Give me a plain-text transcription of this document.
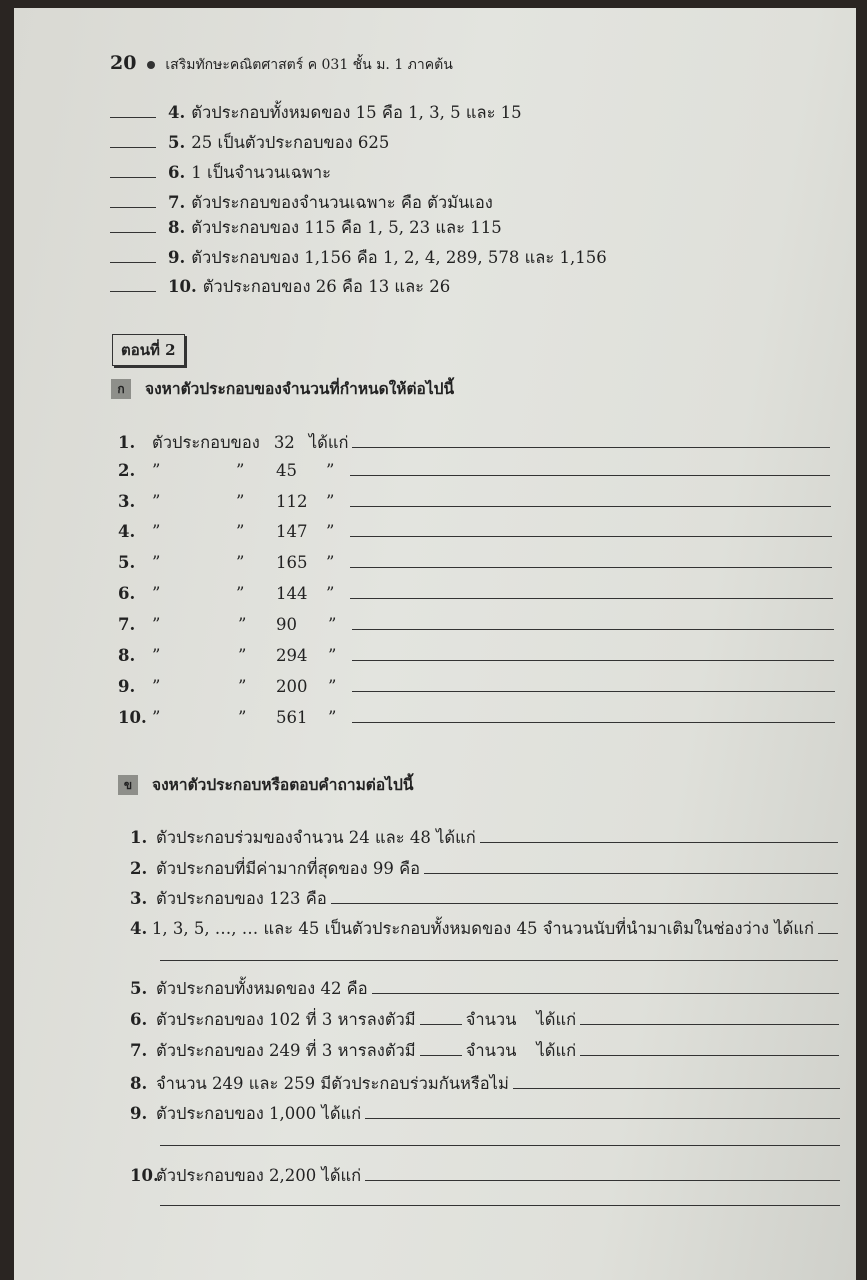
20 เสริมทักษะคณิตศาสตร์ ค 031 ชั้น ม. 1 ภาคต้น
4. ตัวประกอบทั้งหมดของ 15 คือ 1, 3, 5 และ 15
5. 25 เป็นตัวประกอบของ 625
6. 1 เป็นจำนวนเฉพาะ
7. ตัวประกอบของจำนวนเฉพาะ คือ ตัวมันเอง
8. ตัวประกอบของ 115 คือ 1, 5, 23 และ 115
9. ตัวประกอบของ 1,156 คือ 1, 2, 4, 289, 578 และ 1,156
10. ตัวประกอบของ 26 คือ 13 และ 26
ตอนที่ 2
ก	จงหาตัวประกอบของจำนวนที่กำหนดให้ต่อไปนี้
1.	ตัวประกอบของ 32 ได้แก่
2.	”	”	45	”
3.	”	”	112	”
4.	”	”	147	”
5.	”	”	165	”
6.	”	”	144	”
7.	”	”	90	”
8.	”	”	294	”
9.	”	”	200	”
10. ”	”	561	”
ข	จงหาตัวประกอบหรือตอบคำถามต่อไปนี้
1. ตัวประกอบร่วมของจำนวน 24 และ 48 ได้แก่
2. ตัวประกอบที่มีค่ามากที่สุดของ 99 คือ
3. ตัวประกอบของ 123 คือ
4. 1, 3, 5, …, … และ 45 เป็นตัวประกอบทั้งหมดของ 45 จำนวนนับที่นำมาเติมในช่องว่าง ได้แก่
5. ตัวประกอบทั้งหมดของ 42 คือ
6. ตัวประกอบของ 102 ที่ 3 หารลงตัวมี	จำนวน ได้แก่
7. ตัวประกอบของ 249 ที่ 3 หารลงตัวมี	จำนวน ได้แก่
8. จำนวน 249 และ 259 มีตัวประกอบร่วมกันหรือไม่
9. ตัวประกอบของ 1,000 ได้แก่
10.
ตัวประกอบของ 2,200 ได้แก่
